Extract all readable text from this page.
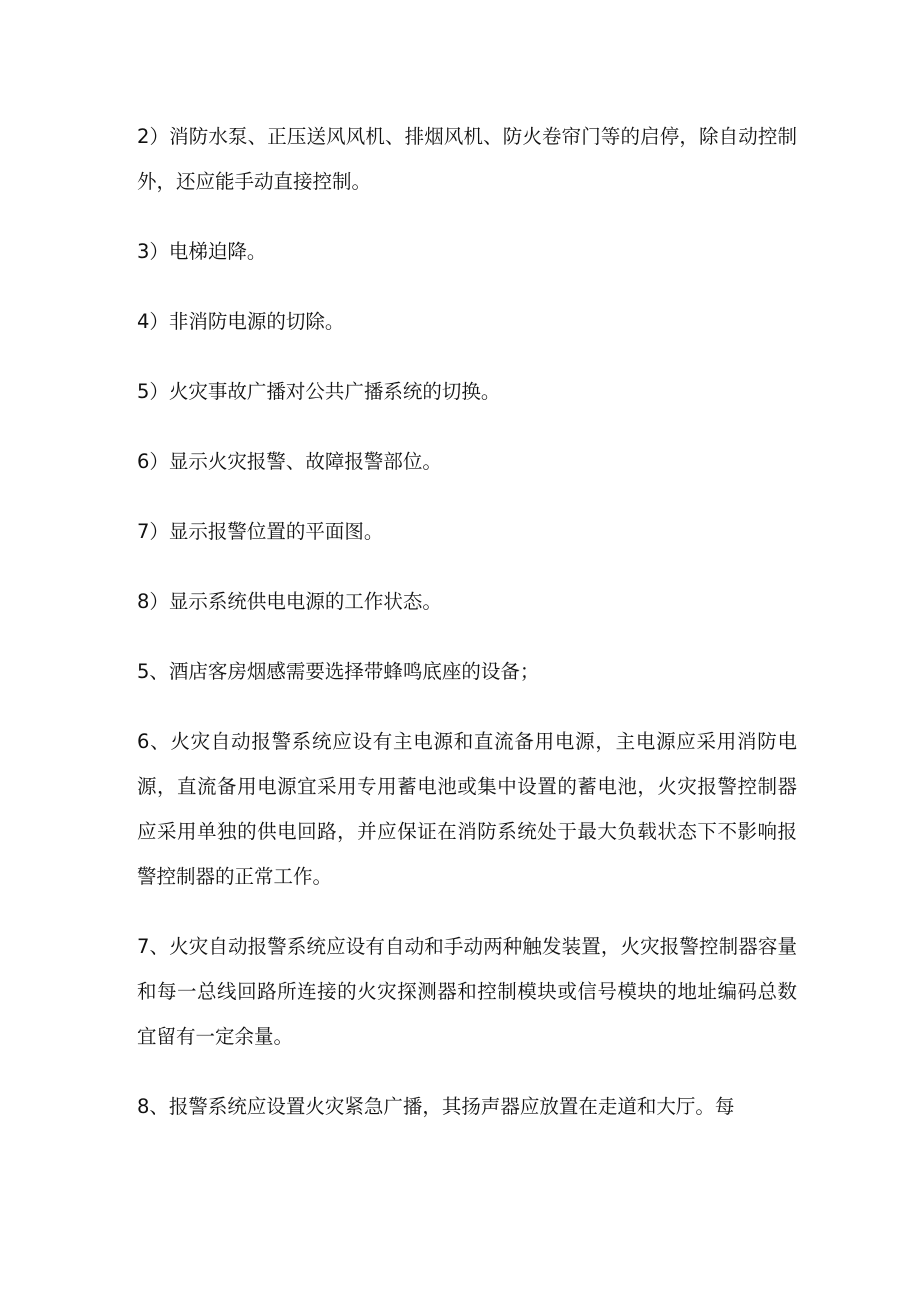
2）消防水泵、正压送风风机、排烟风机、防火卷帘门等的启停，除自动控制外，还应能手动直接控制。

3）电梯迫降。

4）非消防电源的切除。

5）火灾事故广播对公共广播系统的切换。

6）显示火灾报警、故障报警部位。

7）显示报警位置的平面图。

8）显示系统供电电源的工作状态。

5、酒店客房烟感需要选择带蜂鸣底座的设备；

6、火灾自动报警系统应设有主电源和直流备用电源，主电源应采用消防电源，直流备用电源宜采用专用蓄电池或集中设置的蓄电池，火灾报警控制器应采用单独的供电回路，并应保证在消防系统处于最大负载状态下不影响报警控制器的正常工作。

7、火灾自动报警系统应设有自动和手动两种触发装置，火灾报警控制器容量和每一总线回路所连接的火灾探测器和控制模块或信号模块的地址编码总数宜留有一定余量。

8、报警系统应设置火灾紧急广播，其扬声器应放置在走道和大厅。每
